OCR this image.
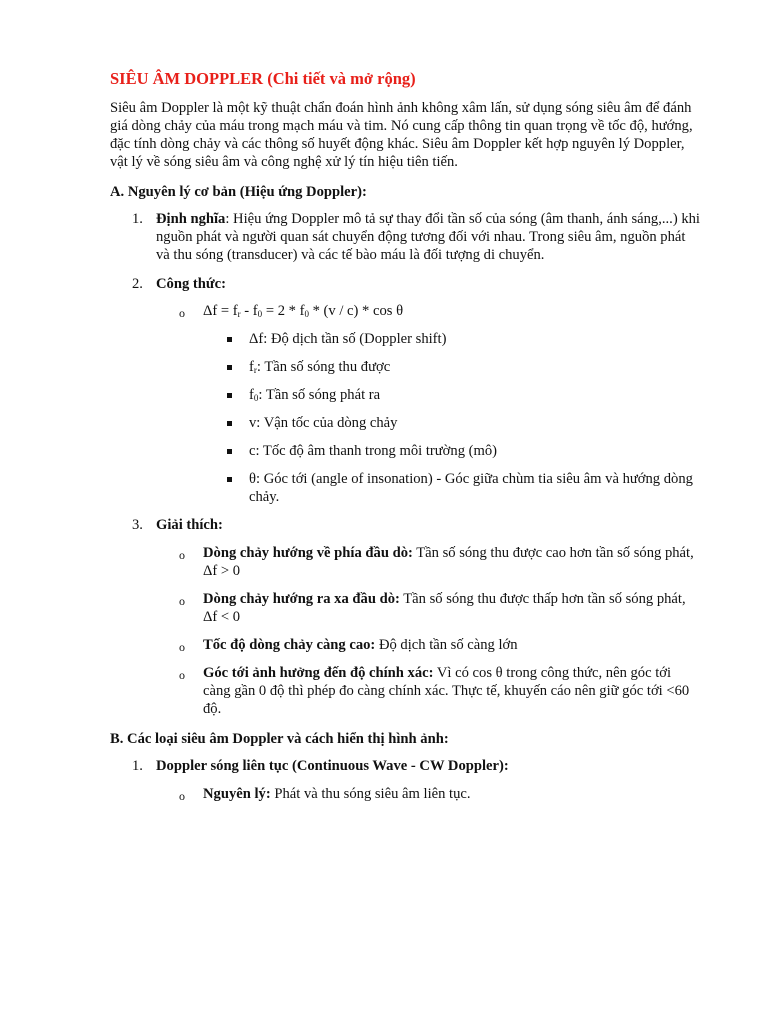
SIÊU ÂM DOPPLER (Chi tiết và mở rộng)
Siêu âm Doppler là một kỹ thuật chẩn đoán hình ảnh không xâm lấn, sử dụng sóng siêu âm để đánh giá dòng chảy của máu trong mạch máu và tim. Nó cung cấp thông tin quan trọng về tốc độ, hướng, đặc tính dòng chảy và các thông số huyết động khác. Siêu âm Doppler kết hợp nguyên lý Doppler, vật lý về sóng siêu âm và công nghệ xử lý tín hiệu tiên tiến.
A. Nguyên lý cơ bản (Hiệu ứng Doppler):
1. Định nghĩa: Hiệu ứng Doppler mô tả sự thay đổi tần số của sóng (âm thanh, ánh sáng,...) khi nguồn phát và người quan sát chuyển động tương đối với nhau. Trong siêu âm, nguồn phát và thu sóng (transducer) và các tế bào máu là đối tượng di chuyển.
2. Công thức:
o $\Delta f = f_r - f_0 = 2 * f_0 * (v / c) * \cos \theta$
Δf: Độ dịch tần số (Doppler shift)
$f_r$: Tần số sóng thu được
$f_0$: Tần số sóng phát ra
v: Vận tốc của dòng chảy
c: Tốc độ âm thanh trong môi trường (mô)
θ: Góc tới (angle of insonation) - Góc giữa chùm tia siêu âm và hướng dòng chảy.
3. Giải thích:
o Dòng chảy hướng về phía đầu dò: Tần số sóng thu được cao hơn tần số sóng phát, Δf > 0
o Dòng chảy hướng ra xa đầu dò: Tần số sóng thu được thấp hơn tần số sóng phát, Δf < 0
o Tốc độ dòng chảy càng cao: Độ dịch tần số càng lớn
o Góc tới ảnh hưởng đến độ chính xác: Vì có cos θ trong công thức, nên góc tới càng gần 0 độ thì phép đo càng chính xác. Thực tế, khuyến cáo nên giữ góc tới <60 độ.
B. Các loại siêu âm Doppler và cách hiển thị hình ảnh:
1. Doppler sóng liên tục (Continuous Wave - CW Doppler):
o Nguyên lý: Phát và thu sóng siêu âm liên tục.
